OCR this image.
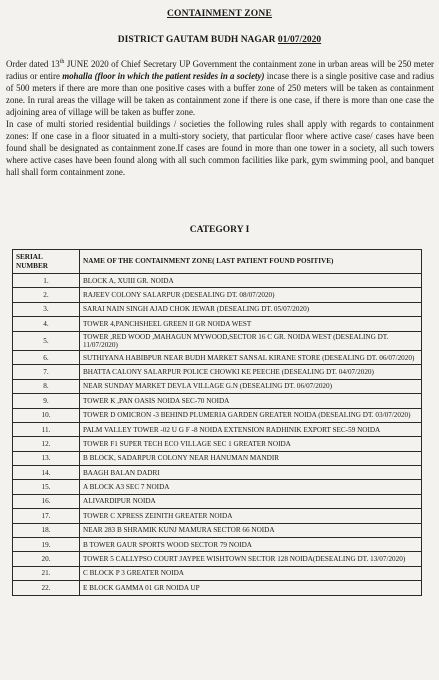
CONTAINMENT ZONE
DISTRICT GAUTAM BUDH NAGAR 01/07/2020

Order dated 13th JUNE 2020 of Chief Secretary UP Government the containment zone in urban areas will be 250 meter radius or entire mohalla (floor in which the patient resides in a society) incase there is a single positive case and radius of 500 meters if there are more than one positive cases with a buffer zone of 250 meters will be taken as containment zone. In rural areas the village will be taken as containment zone if there is one case, if there is more than one case the adjoining area of village will be taken as buffer zone.

In case of multi storied residential buildings / societies the following rules shall apply with regards to containment zones: If one case in a floor situated in a multi-story society, that particular floor where active case/ cases have been found shall be designated as containment zone.If cases are found in more than one tower in a society, all such towers where active cases have been found along with all such common facilities like park, gym swimming pool, and banquet hall shall form containment zone.

CATEGORY I
SERIAL NUMBER	NAME OF THE CONTAINMENT ZONE( LAST PATIENT FOUND POSITIVE)
1.	BLOCK A, XUIII GR. NOIDA
2.	RAJEEV COLONY SALARPUR (DESEALING DT. 08/07/2020)
3.	SARAI NAIN SINGH AJAD CHOK JEWAR (DESEALING DT. 05/07/2020)
4.	TOWER 4,PANCHSHEEL GREEN II GR NOIDA WEST
5.	TOWER ,RED WOOD ,MAHAGUN MYWOOD,SECTOR 16 C GR. NOIDA WEST (DESEALING DT. 11/07/2020)
6.	SUTHIYANA HABIBPUR NEAR BUDH MARKET SANSAL KIRANE STORE (DESEALING DT. 06/07/2020)
7.	BHATTA CALONY SALARPUR POLICE CHOWKI KE PEECHE (DESEALING DT. 04/07/2020)
8.	NEAR SUNDAY MARKET DEVLA VILLAGE G.N (DESEALING DT. 06/07/2020)
9.	TOWER K ,PAN OASIS NOIDA SEC-70 NOIDA
10.	TOWER D OMICRON -3 BEHIND PLUMERIA GARDEN GREATER NOIDA (DESEALING DT. 03/07/2020)
11.	PALM VALLEY TOWER -02 U G F -8 NOIDA EXTENSION RADHINIK EXPORT SEC-59 NOIDA
12.	TOWER F1 SUPER TECH ECO VILLAGE SEC 1 GREATER NOIDA
13.	B BLOCK, SADARPUR COLONY NEAR HANUMAN MANDIR
14.	BAAGH BALAN DADRI
15.	A BLOCK A3 SEC 7 NOIDA
16.	ALIVARDIPUR NOIDA
17.	TOWER C XPRESS ZEINITH GREATER NOIDA
18.	NEAR 283 B SHRAMIK KUNJ MAMURA SECTOR 66 NOIDA
19.	B TOWER GAUR SPORTS WOOD SECTOR 79 NOIDA
20.	TOWER 5 CALLYPSO COURT JAYPEE WISHTOWN SECTOR 128 NOIDA(DESEALING DT. 13/07/2020)
21.	C BLOCK P 3 GREATER NOIDA
22.	E BLOCK GAMMA 01 GR NOIDA UP
